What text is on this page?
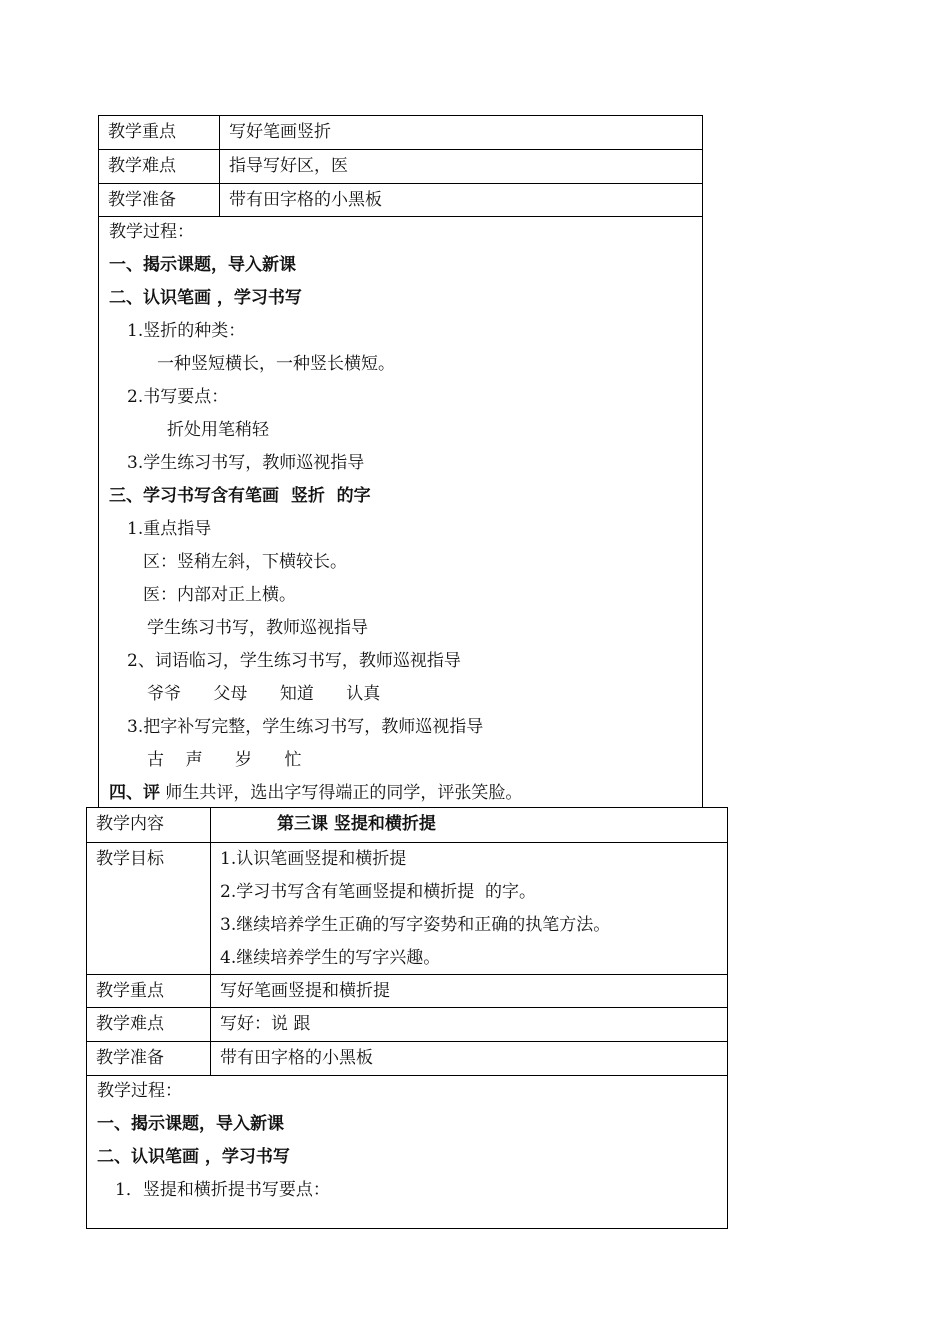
教学重点	写好笔画竖折
教学难点	指导写好区，医
教学准备	带有田字格的小黑板
教学过程：
一、揭示课题，导入新课
二、认识笔画 ，学习书写
1.竖折的种类：
一种竖短横长，一种竖长横短。
2.书写要点：
折处用笔稍轻
3.学生练习书写，教师巡视指导
三、学习书写含有笔画  竖折  的字
1.重点指导
区：竖稍左斜，下横较长。
医：内部对正上横。
学生练习书写，教师巡视指导
2、词语临习，学生练习书写，教师巡视指导
爷爷      父母      知道      认真
3.把字补写完整，学生练习书写，教师巡视指导
古    声      岁      忙
四、评 师生共评，选出字写得端正的同学，评张笑脸。
教学内容	第三课 竖提和横折提
教学目标	1.认识笔画竖提和横折提
2.学习书写含有笔画竖提和横折提  的字。
3.继续培养学生正确的写字姿势和正确的执笔方法。
4.继续培养学生的写字兴趣。
教学重点	写好笔画竖提和横折提
教学难点	写好：说 跟
教学准备	带有田字格的小黑板
教学过程：
一、揭示课题，导入新课
二、认识笔画 ，学习书写
1．竖提和横折提书写要点：
